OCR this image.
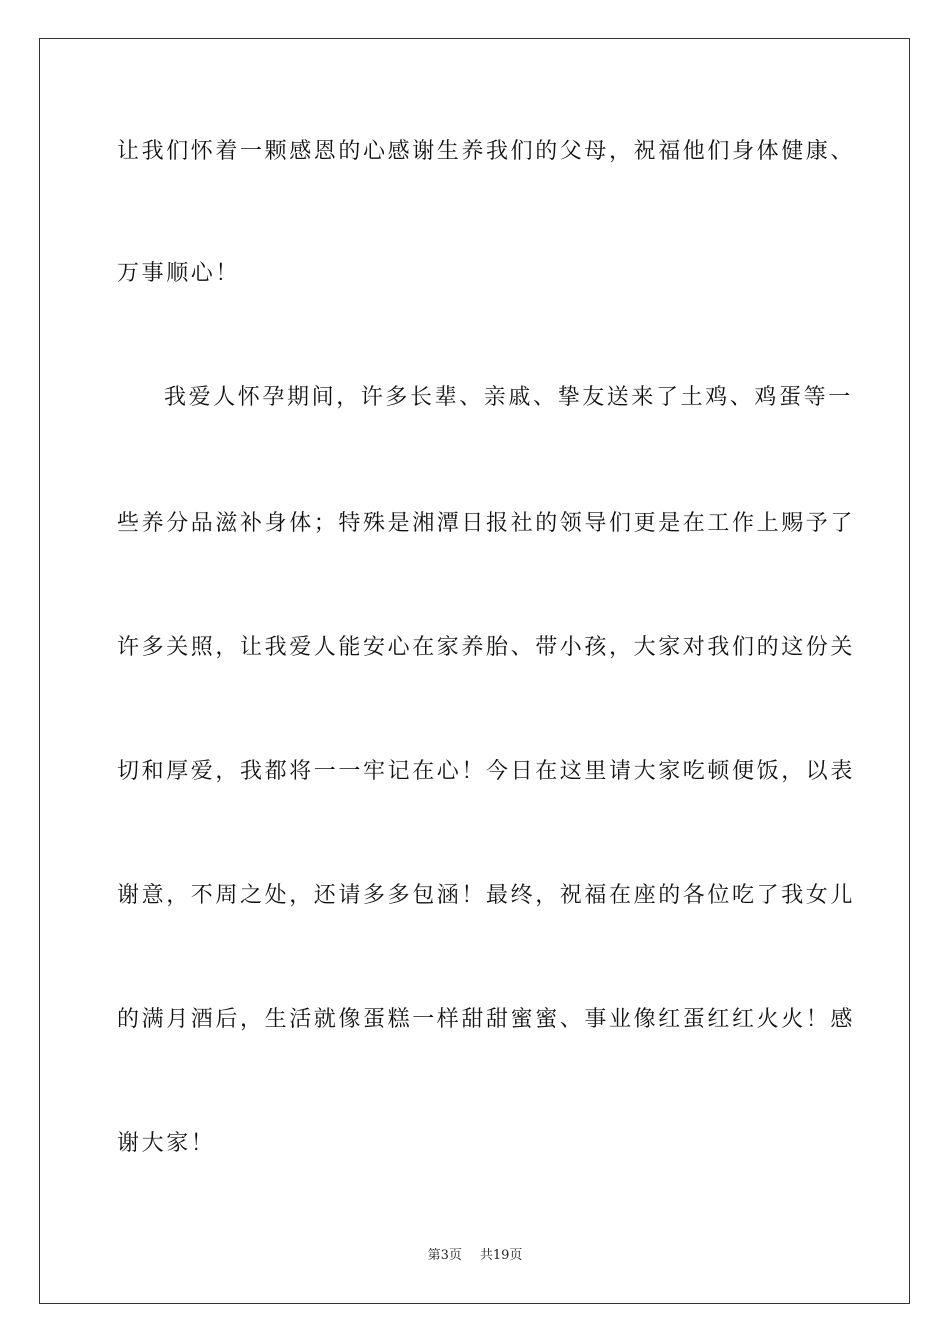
让我们怀着一颗感恩的心感谢生养我们的父母，祝福他们身体健康、
万事顺心！
我爱人怀孕期间，许多长辈、亲戚、挚友送来了土鸡、鸡蛋等一
些养分品滋补身体；特殊是湘潭日报社的领导们更是在工作上赐予了
许多关照，让我爱人能安心在家养胎、带小孩，大家对我们的这份关
切和厚爱，我都将一一牢记在心！今日在这里请大家吃顿便饭，以表
谢意，不周之处，还请多多包涵！最终，祝福在座的各位吃了我女儿
的满月酒后，生活就像蛋糕一样甜甜蜜蜜、事业像红蛋红红火火！感
谢大家！
第3页 共19页
